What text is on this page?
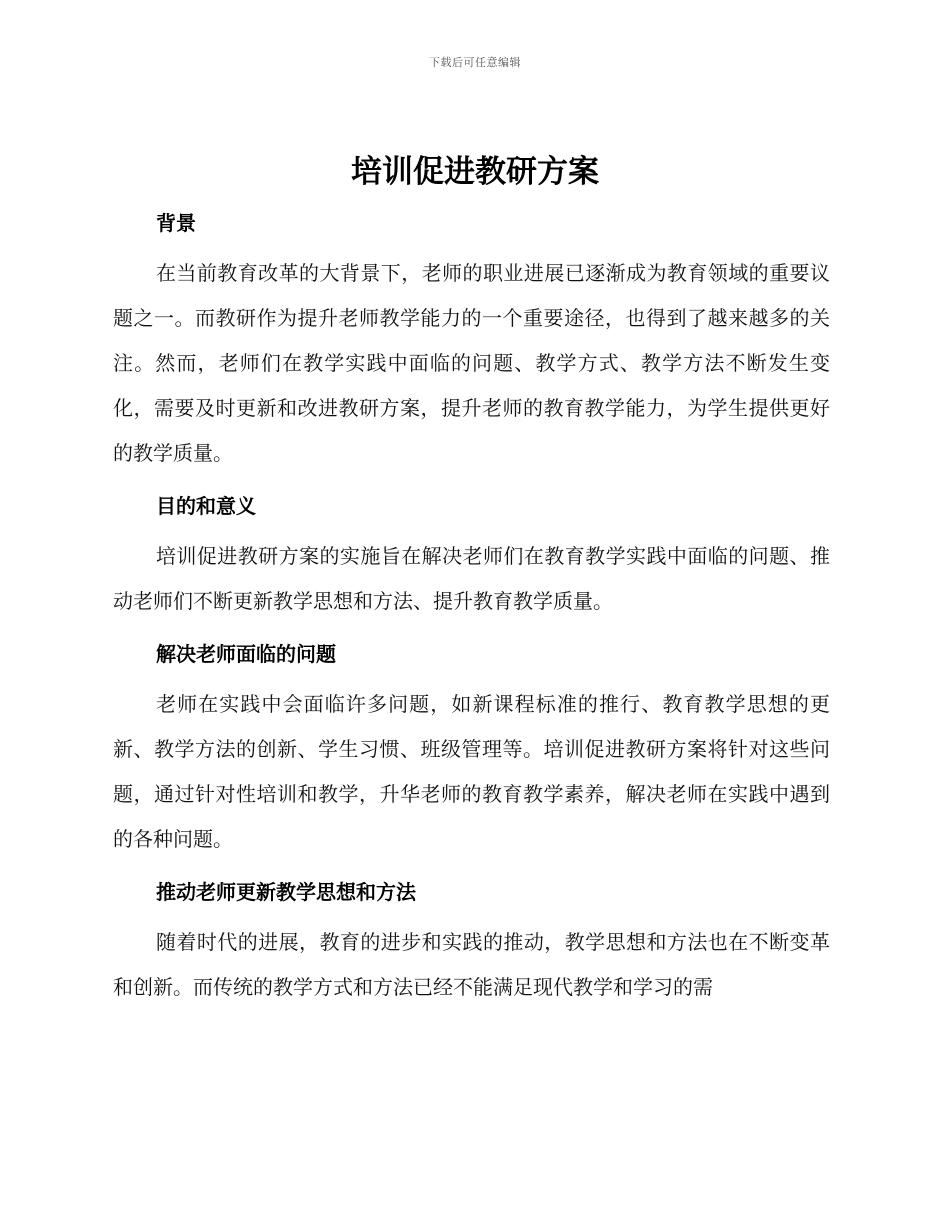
下载后可任意编辑
培训促进教研方案
背景

在当前教育改革的大背景下，老师的职业进展已逐渐成为教育领域的重要议题之一。而教研作为提升老师教学能力的一个重要途径，也得到了越来越多的关注。然而，老师们在教学实践中面临的问题、教学方式、教学方法不断发生变化，需要及时更新和改进教研方案，提升老师的教育教学能力，为学生提供更好的教学质量。

目的和意义

培训促进教研方案的实施旨在解决老师们在教育教学实践中面临的问题、推动老师们不断更新教学思想和方法、提升教育教学质量。

解决老师面临的问题

老师在实践中会面临许多问题，如新课程标准的推行、教育教学思想的更新、教学方法的创新、学生习惯、班级管理等。培训促进教研方案将针对这些问题，通过针对性培训和教学，升华老师的教育教学素养，解决老师在实践中遇到的各种问题。

推动老师更新教学思想和方法

随着时代的进展，教育的进步和实践的推动，教学思想和方法也在不断变革和创新。而传统的教学方式和方法已经不能满足现代教学和学习的需
